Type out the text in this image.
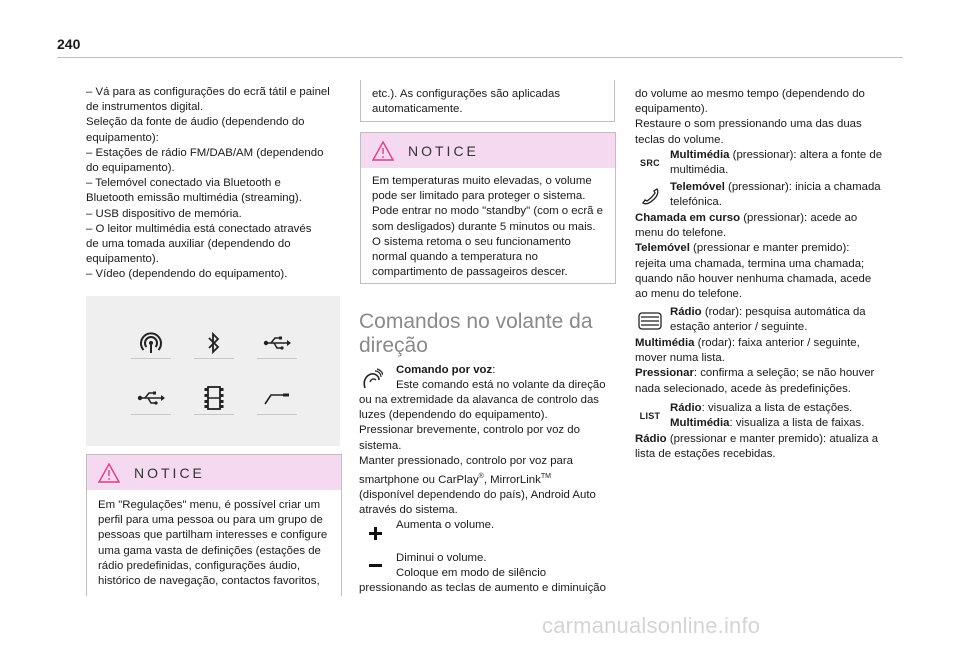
240

– Vá para as configurações do ecrã tátil e painel

de instrumentos digital.

Seleção da fonte de áudio (dependendo do

equipamento):

– Estações de rádio FM/DAB/AM (dependendo

do equipamento).

– Telemóvel conectado via Bluetooth e

Bluetooth emissão multimédia (streaming).

– USB dispositivo de memória.

– O leitor multimédia está conectado através

de uma tomada auxiliar (dependendo do

equipamento).

– Vídeo (dependendo do equipamento).

NOTICE
Em "Regulações" menu, é possível criar um
perfil para uma pessoa ou para um grupo de
pessoas que partilham interesses e configure
uma gama vasta de definições (estações de
rádio predefinidas, configurações áudio,
histórico de navegação, contactos favoritos,
etc.). As configurações são aplicadas
automaticamente.
NOTICE
Em temperaturas muito elevadas, o volume
pode ser limitado para proteger o sistema.
Pode entrar no modo "standby" (com o ecrã e
som desligados) durante 5 minutos ou mais.
O sistema retoma o seu funcionamento
normal quando a temperatura no
compartimento de passageiros descer.
Comandos no volante da
direção

Comando por voz:

Este comando está no volante da direção

ou na extremidade da alavanca de controlo das

luzes (dependendo do equipamento).

Pressionar brevemente, controlo por voz do

sistema.

Manter pressionado, controlo por voz para

smartphone ou CarPlay®, MirrorLink™

(disponível dependendo do país), Android Auto

através do sistema.

Aumenta o volume.

Diminui o volume.

Coloque em modo de silêncio

pressionando as teclas de aumento e diminuição

do volume ao mesmo tempo (dependendo do

equipamento).

Restaure o som pressionando uma das duas

teclas do volume.

SRC

Multimédia (pressionar): altera a fonte de

multimédia.

Telemóvel (pressionar): inicia a chamada

telefónica.

Chamada em curso (pressionar): acede ao

menu do telefone.

Telemóvel (pressionar e manter premido):

rejeita uma chamada, termina uma chamada;

quando não houver nenhuma chamada, acede

ao menu do telefone.

Rádio (rodar): pesquisa automática da

estação anterior / seguinte.

Multimédia (rodar): faixa anterior / seguinte,

mover numa lista.

Pressionar: confirma a seleção; se não houver

nada selecionado, acede às predefinições.

LIST

Rádio: visualiza a lista de estações.

Multimédia: visualiza a lista de faixas.

Rádio (pressionar e manter premido): atualiza a

lista de estações recebidas.

carmanualsonline.info
